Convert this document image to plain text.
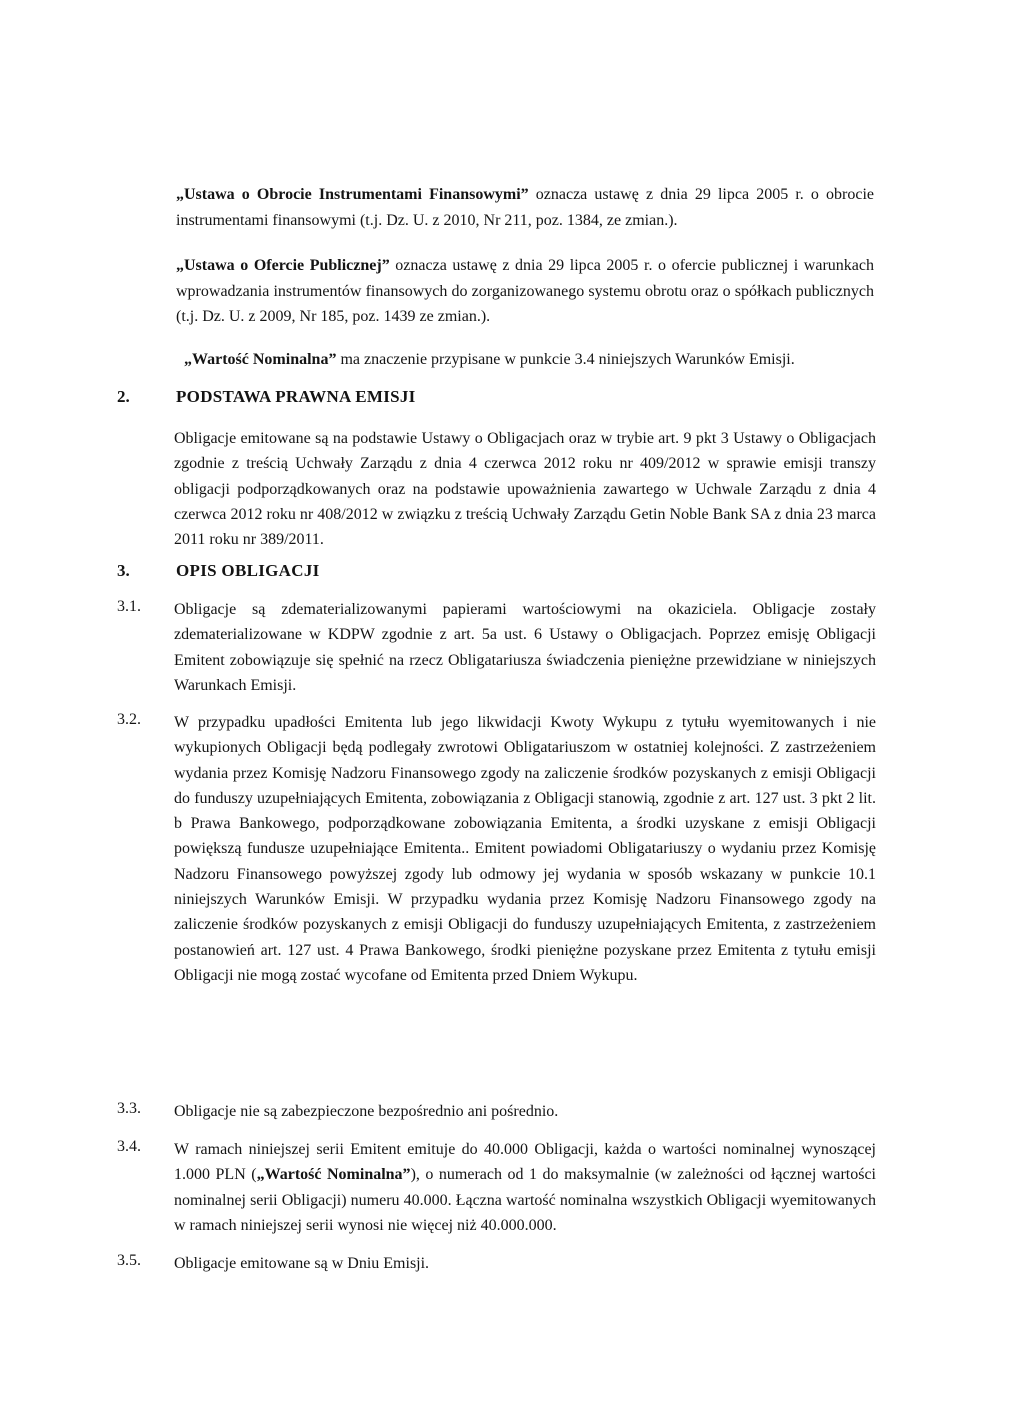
„Ustawa o Obrocie Instrumentami Finansowymi” oznacza ustawę z dnia 29 lipca 2005 r. o obrocie instrumentami finansowymi (t.j. Dz. U. z 2010, Nr 211, poz. 1384, ze zmian.).

„Ustawa o Ofercie Publicznej” oznacza ustawę z dnia 29 lipca 2005 r. o ofercie publicznej i warunkach wprowadzania instrumentów finansowych do zorganizowanego systemu obrotu oraz o spółkach publicznych (t.j. Dz. U. z 2009, Nr 185, poz. 1439 ze zmian.).

„Wartość Nominalna” ma znaczenie przypisane w punkcie 3.4 niniejszych Warunków Emisji.

2.	PODSTAWA PRAWNA EMISJI

Obligacje emitowane są na podstawie Ustawy o Obligacjach oraz w trybie art. 9 pkt 3 Ustawy o Obligacjach zgodnie z treścią Uchwały Zarządu z dnia 4 czerwca 2012 roku nr 409/2012 w sprawie emisji transzy obligacji podporządkowanych oraz na podstawie upoważnienia zawartego w Uchwale Zarządu z dnia 4 czerwca 2012 roku nr 408/2012 w związku z treścią Uchwały Zarządu Getin Noble Bank SA z dnia 23 marca 2011 roku nr 389/2011.

3.	OPIS OBLIGACJI
3.1. Obligacje są zdematerializowanymi papierami wartościowymi na okaziciela. Obligacje zostały zdematerializowane w KDPW zgodnie z art. 5a ust. 6 Ustawy o Obligacjach. Poprzez emisję Obligacji Emitent zobowiązuje się spełnić na rzecz Obligatariusza świadczenia pieniężne przewidziane w niniejszych Warunkach Emisji.

3.2. W przypadku upadłości Emitenta lub jego likwidacji Kwoty Wykupu z tytułu wyemitowanych i nie wykupionych Obligacji będą podlegały zwrotowi Obligatariuszom w ostatniej kolejności. Z zastrzeżeniem wydania przez Komisję Nadzoru Finansowego zgody na zaliczenie środków pozyskanych z emisji Obligacji do funduszy uzupełniających Emitenta, zobowiązania z Obligacji stanowią, zgodnie z art. 127 ust. 3 pkt 2 lit. b Prawa Bankowego, podporządkowane zobowiązania Emitenta, a środki uzyskane z emisji Obligacji powiększą fundusze uzupełniające Emitenta.. Emitent powiadomi Obligatariuszy o wydaniu przez Komisję Nadzoru Finansowego powyższej zgody lub odmowy jej wydania w sposób wskazany w punkcie 10.1 niniejszych Warunków Emisji. W przypadku wydania przez Komisję Nadzoru Finansowego zgody na zaliczenie środków pozyskanych z emisji Obligacji do funduszy uzupełniających Emitenta, z zastrzeżeniem postanowień art. 127 ust. 4 Prawa Bankowego, środki pieniężne pozyskane przez Emitenta z tytułu emisji Obligacji nie mogą zostać wycofane od Emitenta przed Dniem Wykupu.

3.3. Obligacje nie są zabezpieczone bezpośrednio ani pośrednio.

3.4. W ramach niniejszej serii Emitent emituje do 40.000 Obligacji, każda o wartości nominalnej wynoszącej 1.000 PLN („Wartość Nominalna”), o numerach od 1 do maksymalnie (w zależności od łącznej wartości nominalnej serii Obligacji) numeru 40.000. Łączna wartość nominalna wszystkich Obligacji wyemitowanych w ramach niniejszej serii wynosi nie więcej niż 40.000.000.

3.5. Obligacje emitowane są w Dniu Emisji.
